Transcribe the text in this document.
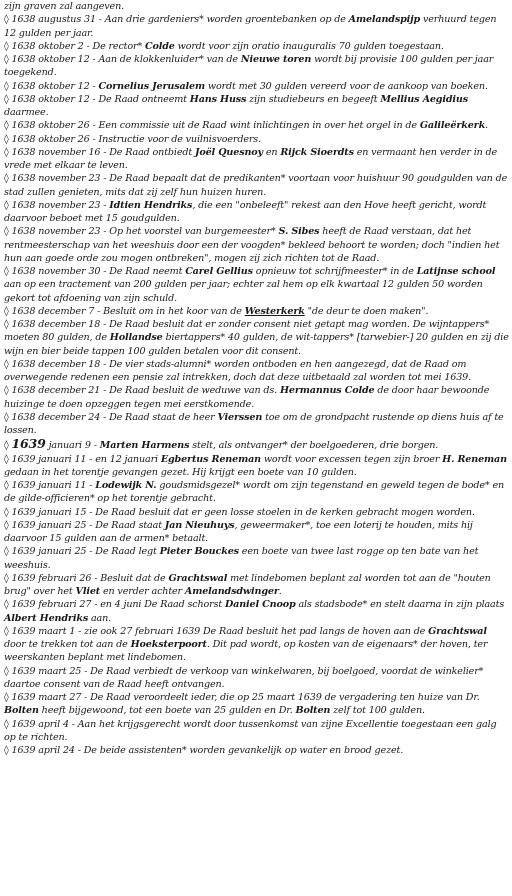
zijn graven zal aangeven.

◊ 1638 augustus 31 - Aan drie gardeniers* worden groentebanken op de Amelandspijp verhuurd tegen 12 gulden per jaar.

◊ 1638 oktober 2 - De rector* Colde wordt voor zijn oratio inauguralis 70 gulden toegestaan.

◊ 1638 oktober 12 - Aan de klokkenluider* van de Nieuwe toren wordt bij provisie 100 gulden per jaar toegekend.

◊ 1638 oktober 12 - Cornelius Jerusalem wordt met 30 gulden vereerd voor de aankoop van boeken.

◊ 1638 oktober 12 - De Raad ontneemt Hans Huss zijn studiebeurs en begeeft Mellius Aegidius daarmee.

◊ 1638 oktober 26 - Een commissie uit de Raad wint inlichtingen in over het orgel in de Galileërkerk.

◊ 1638 oktober 26 - Instructie voor de vuilnisvoerders.

◊ 1638 november 16 - De Raad ontbiedt Joël Quesnoy en Rijck Sioerdts en vermaant hen verder in de vrede met elkaar te leven.

◊ 1638 november 23 - De Raad bepaalt dat de predikanten* voortaan voor huishuur 90 goudgulden van de stad zullen genieten, mits dat zij zelf hun huizen huren.

◊ 1638 november 23 - Idtien Hendriks, die een "onbeleeft" rekest aan den Hove heeft gericht, wordt daarvoor beboet met 15 goudgulden.

◊ 1638 november 23 - Op het voorstel van burgemeester* S. Sibes heeft de Raad verstaan, dat het rentmeesterschap van het weeshuis door een der voogden* bekleed behoort te worden; doch "indien het hun aan goede orde zou mogen ontbreken", mogen zij zich richten tot de Raad.

◊ 1638 november 30 - De Raad neemt Carel Gellius opnieuw tot schrijfmeester* in de Latijnse school aan op een tractement van 200 gulden per jaar; echter zal hem op elk kwartaal 12 gulden 50 worden gekort tot afdoening van zijn schuld.

◊ 1638 december 7 - Besluit om in het koor van de Westerkerk "de deur te doen maken".

◊ 1638 december 18 - De Raad besluit dat er zonder consent niet getapt mag worden. De wijntappers* moeten 80 gulden, de Hollandse biertappers* 40 gulden, de wit-tappers* [tarwebier-] 20 gulden en zij die wijn en bier beide tappen 100 gulden betalen voor dit consent.

◊ 1638 december 18 - De vier stads-alumni* worden ontboden en hen aangezegd, dat de Raad om overwegende redenen een pensie zal intrekken, doch dat deze uitbetaald zal worden tot mei 1639.

◊ 1638 december 21 - De Raad besluit de weduwe van ds. Hermannus Colde de door haar bewoonde huizinge te doen opzeggen tegen mei eerstkomende.

◊ 1638 december 24 - De Raad staat de heer Vierssen toe om de grondpacht rustende op diens huis af te lossen.

◊ 1639 januari 9 - Marten Harmens stelt, als ontvanger* der boelgoederen, drie borgen.

◊ 1639 januari 11 - en 12 januari Egbertus Reneman wordt voor excessen tegen zijn broer H. Reneman gedaan in het torentje gevangen gezet. Hij krijgt een boete van 10 gulden.

◊ 1639 januari 11 - Lodewijk N. goudsmidsgezel* wordt om zijn tegenstand en geweld tegen de bode* en de gilde-officieren* op het torentje gebracht.

◊ 1639 januari 15 - De Raad besluit dat er geen losse stoelen in de kerken gebracht mogen worden.

◊ 1639 januari 25 - De Raad staat Jan Nieuhuys, geweermaker*, toe een loterij te houden, mits hij daarvoor 15 gulden aan de armen* betaalt.

◊ 1639 januari 25 - De Raad legt Pieter Bouckes een boete van twee last rogge op ten bate van het weeshuis.

◊ 1639 februari 26 - Besluit dat de Grachtswal met lindebomen beplant zal worden tot aan de "houten brug" over het Vliet en verder achter Amelandsdwinger.

◊ 1639 februari 27 - en 4 juni De Raad schorst Daniel Cnoop als stadsbode* en stelt daarna in zijn plaats Albert Hendriks aan.

◊ 1639 maart 1 - zie ook 27 februari 1639 De Raad besluit het pad langs de hoven aan de Grachtswal door te trekken tot aan de Hoeksterpoort. Dit pad wordt, op kosten van de eigenaars* der hoven, ter weerskanten beplant met lindebomen.

◊ 1639 maart 25 - De Raad verbiedt de verkoop van winkelwaren, bij boelgoed, voordat de winkelier* daartoe consent van de Raad heeft ontvangen.

◊ 1639 maart 27 - De Raad veroordeelt ieder, die op 25 maart 1639 de vergadering ten huize van Dr. Bolten heeft bijgewoond, tot een boete van 25 gulden en Dr. Bolten zelf tot 100 gulden.

◊ 1639 april 4 - Aan het krijgsgerecht wordt door tussenkomst van zijne Excellentie toegestaan een galg op te richten.

◊ 1639 april 24 - De beide assistenten* worden gevankelijk op water en brood gezet.
